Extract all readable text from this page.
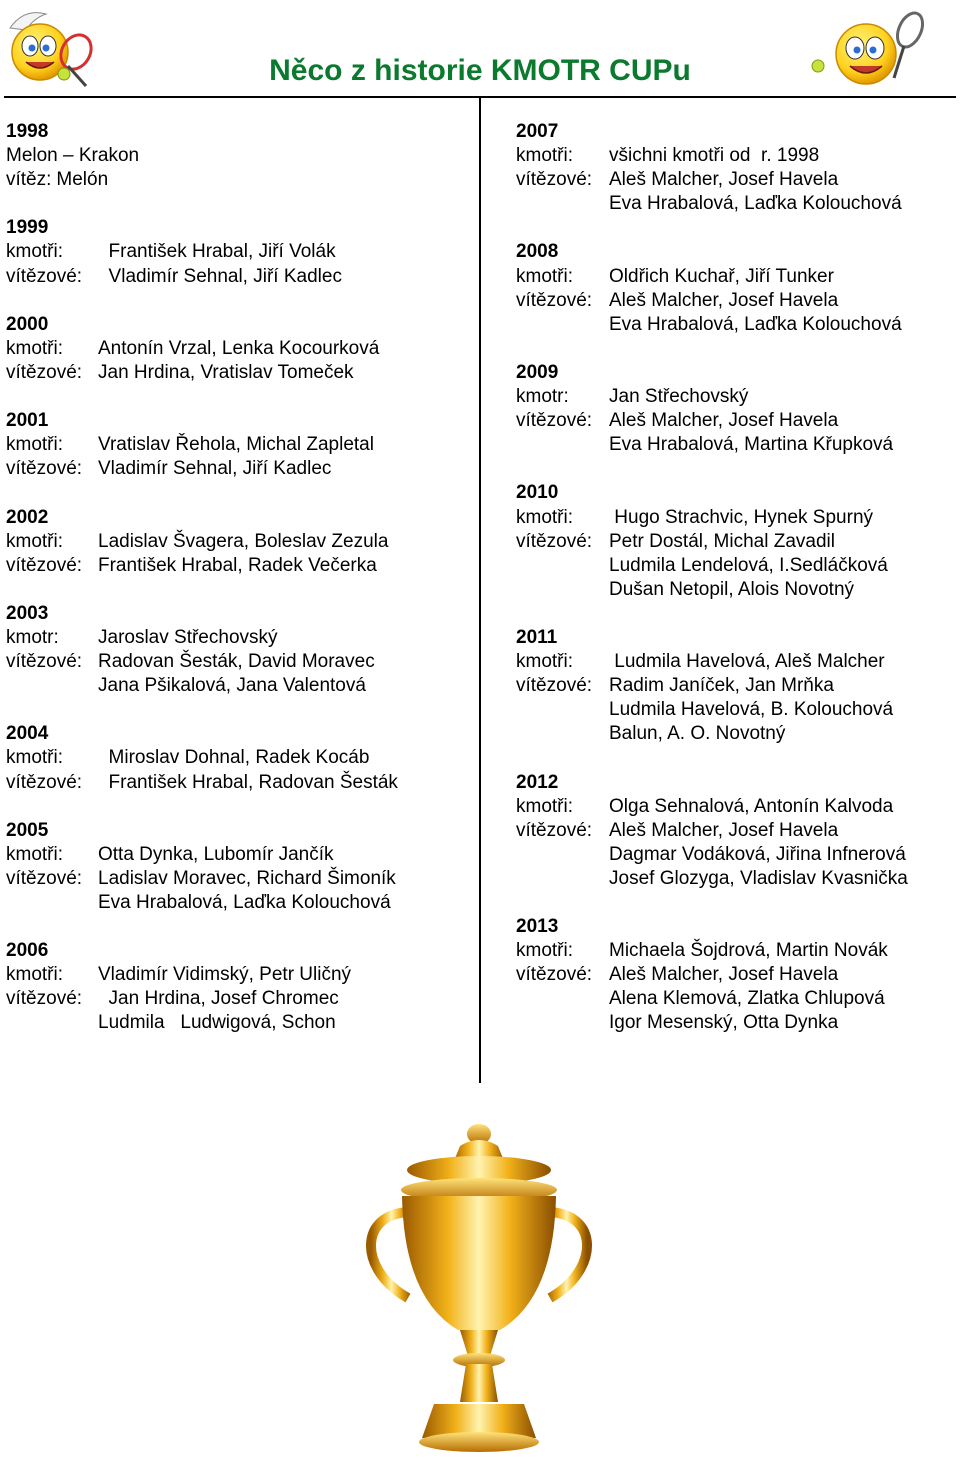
Něco z historie KMOTR CUPu
1998
Melon – Krakon
vítěz: Melón
1999
kmotři:	František Hrabal, Jiří Volák
vítězové: Vladimír Sehnal, Jiří Kadlec
2000
kmotři:	Antonín Vrzal, Lenka Kocourková
vítězové: Jan Hrdina, Vratislav Tomeček
2001
kmotři:	Vratislav Řehola, Michal Zapletal
vítězové: Vladimír Sehnal, Jiří Kadlec
2002
kmotři:	Ladislav Švagera, Boleslav Zezula
vítězové: František Hrabal, Radek Večerka
2003
kmotr:	Jaroslav Střechovský
vítězové: Radovan Šesták, David Moravec
Jana Pšikalová, Jana Valentová
2004
kmotři:	Miroslav Dohnal, Radek Kocáb
vítězové: František Hrabal, Radovan Šesták
2005
kmotři:	Otta Dynka, Lubomír Jančík
vítězové: Ladislav Moravec, Richard Šimoník
Eva Hrabalová, Laďka Kolouchová
2006
kmotři:	Vladimír Vidimský, Petr Uličný
vítězové: Jan Hrdina, Josef Chromec
Ludmila   Ludwigová, Schon
2007
kmotři:	všichni kmotři od  r. 1998
vítězové: Aleš Malcher, Josef Havela
Eva Hrabalová, Laďka Kolouchová
2008
kmotři:	Oldřich Kuchař, Jiří Tunker
vítězové: Aleš Malcher, Josef Havela
Eva Hrabalová, Laďka Kolouchová
2009
kmotr:	Jan Střechovský
vítězové: Aleš Malcher, Josef Havela
Eva Hrabalová, Martina Křupková
2010
kmotři:	Hugo Strachvic, Hynek Spurný
vítězové: Petr Dostál, Michal Zavadil
Ludmila Lendelová, I.Sedláčková
Dušan Netopil, Alois Novotný
2011
kmotři:	Ludmila Havelová, Aleš Malcher
vítězové: Radim Janíček, Jan Mrňka
Ludmila Havelová, B. Kolouchová
Balun, A. O. Novotný
2012
kmotři:	Olga Sehnalová, Antonín Kalvoda
vítězové: Aleš Malcher, Josef Havela
Dagmar Vodáková, Jiřina Infnerová
Josef Glozyga, Vladislav Kvasnička
2013
kmotři:	Michaela Šojdrová, Martin Novák
vítězové: Aleš Malcher, Josef Havela
Alena Klemová, Zlatka Chlupová
Igor Mesenský, Otta Dynka
